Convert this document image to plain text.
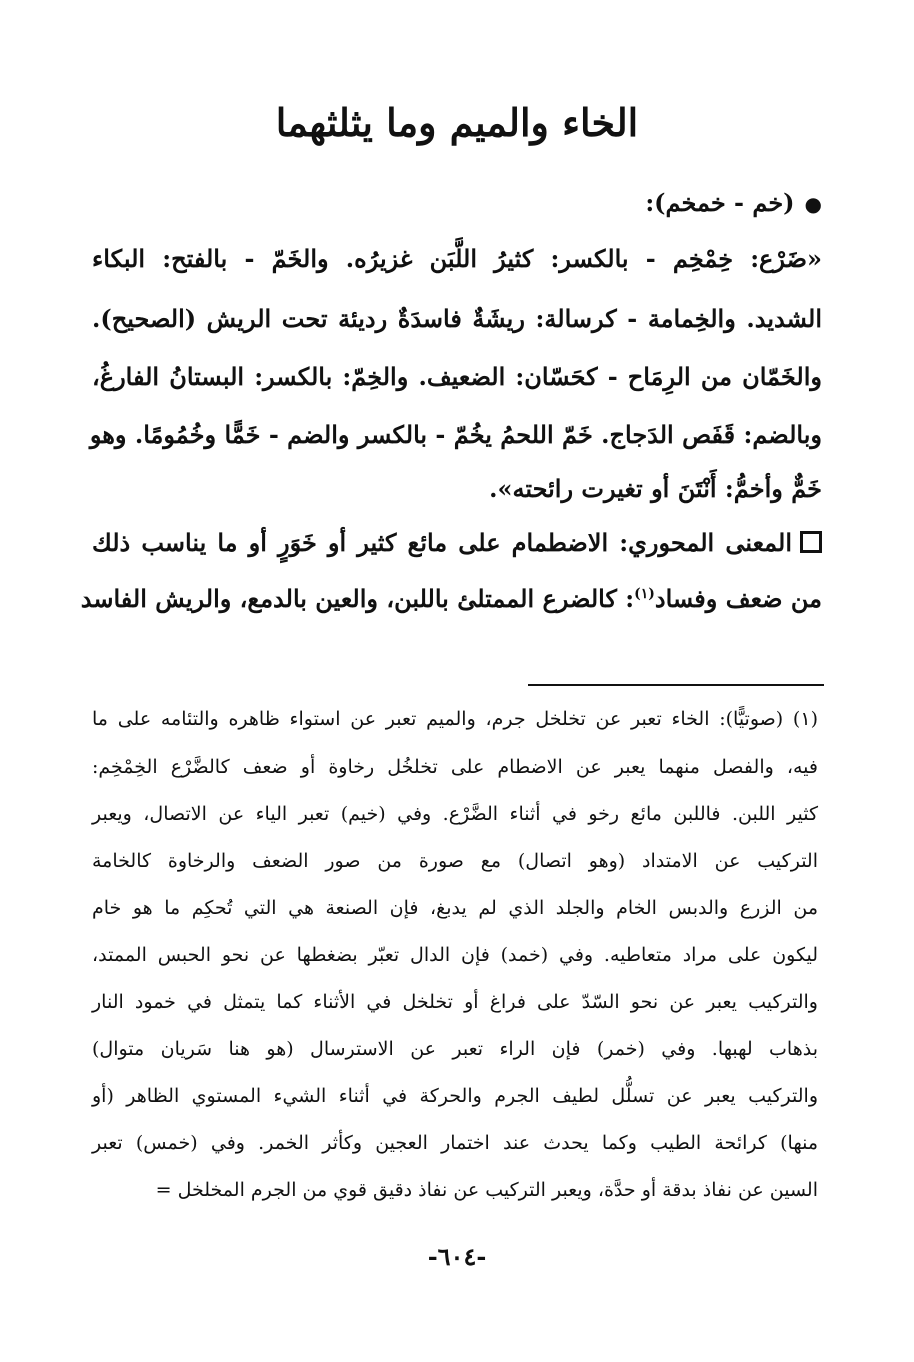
الخاء والميم وما يثلثهما
●(خم - خمخم):
«ضَرْع: خِمْخِم - بالكسر: كثيرُ اللَّبَن غزيرُه. والخَمّ - بالفتح: البكاء
الشديد. والخِمامة - كرسالة: ريشَةٌ فاسدَةٌ رديئة تحت الريش (الصحيح).
والخَمّان من الرِمَاح - كحَسّان: الضعيف. والخِمّ: بالكسر: البستانُ الفارغُ،
وبالضم: قَفَص الدَجاج. خَمّ اللحمُ يخُمّ - بالكسر والضم - خَمًّا وخُمُومًا. وهو
خَمٌّ وأخمُّ: أَنْتَنَ أو تغيرت رائحته».
المعنى المحوري: الاضطمام على مائع كثير أو خَوَرٍ أو ما يناسب ذلك
من ضعف وفساد$^{(١)}$: كالضرع الممتلئ باللبن، والعين بالدمع، والريش الفاسد
(١) (صوتيًّا): الخاء تعبر عن تخلخل جرم، والميم تعبر عن استواء ظاهره والتئامه على ما
فيه، والفصل منهما يعبر عن الاضطام على تخلخُل رخاوة أو ضعف كالضَّرْع الخِمْخِم:
كثير اللبن. فاللبن مائع رخو في أثناء الضَّرْع. وفي (خيم) تعبر الياء عن الاتصال، ويعبر
التركيب عن الامتداد (وهو اتصال) مع صورة من صور الضعف والرخاوة كالخامة
من الزرع والدبس الخام والجلد الذي لم يدبغ، فإن الصنعة هي التي تُحكِم ما هو خام
ليكون على مراد متعاطيه. وفي (خمد) فإن الدال تعبّر بضغطها عن نحو الحبس الممتد،
والتركيب يعبر عن نحو السّدّ على فراغ أو تخلخل في الأثناء كما يتمثل في خمود النار
بذهاب لهبها. وفي (خمر) فإن الراء تعبر عن الاسترسال (هو هنا سَريان متوال)
والتركيب يعبر عن تسلُّل لطيف الجرم والحركة في أثناء الشيء المستوي الظاهر (أو
منها) كرائحة الطيب وكما يحدث عند اختمار العجين وكأثر الخمر. وفي (خمس) تعبر
السين عن نفاذ بدقة أو حدَّة، ويعبر التركيب عن نفاذ دقيق قوي من الجرم المخلخل =
-٦٠٤-
